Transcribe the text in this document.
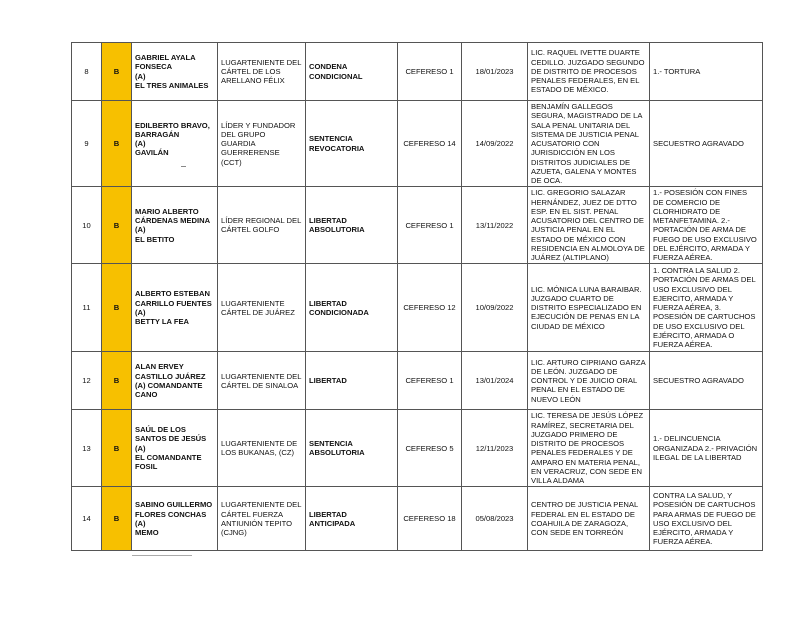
8	B	GABRIEL AYALA
FONSECA
(A)
EL TRES ANIMALES	LUGARTENIENTE DEL CÁRTEL DE LOS ARELLANO FÉLIX	CONDENA CONDICIONAL	CEFERESO 1	18/01/2023	LIC. RAQUEL IVETTE DUARTE CEDILLO. JUZGADO SEGUNDO DE DISTRITO DE PROCESOS PENALES FEDERALES, EN EL ESTADO DE MÉXICO.	1.- TORTURA
9	B	EDILBERTO BRAVO,
BARRAGÁN
(A)
GAVILÁN	LÍDER Y FUNDADOR DEL GRUPO GUARDIA GUERRERENSE (CCT)	SENTENCIA REVOCATORIA	CEFERESO 14	14/09/2022	BENJAMÍN GALLEGOS SEGURA, MAGISTRADO DE LA SALA PENAL UNITARIA DEL SISTEMA DE JUSTICIA PENAL ACUSATORIO CON JURISDICCIÓN EN LOS DISTRITOS JUDICIALES DE AZUETA, GALENA Y MONTES DE OCA.	SECUESTRO AGRAVADO
10	B	MARIO ALBERTO
CÁRDENAS MEDINA
(A)
EL BETITO	LÍDER REGIONAL DEL CÁRTEL GOLFO	LIBERTAD ABSOLUTORIA	CEFERESO 1	13/11/2022	LIC. GREGORIO SALAZAR HERNÁNDEZ, JUEZ DE DTTO ESP. EN EL SIST. PENAL ACUSATORIO DEL CENTRO DE JUSTICIA PENAL EN EL ESTADO DE MÉXICO CON RESIDENCIA EN ALMOLOYA DE JUÁREZ (ALTIPLANO)	1.- POSESIÓN CON FINES DE COMERCIO DE CLORHIDRATO DE METANFETAMINA. 2.- PORTACIÓN DE ARMA DE FUEGO DE USO EXCLUSIVO DEL EJÉRCITO, ARMADA Y FUERZA AÉREA.
11	B	ALBERTO ESTEBAN
CARRILLO FUENTES
(A)
BETTY LA FEA	LUGARTENIENTE CÁRTEL DE JUÁREZ	LIBERTAD CONDICIONADA	CEFERESO 12	10/09/2022	LIC. MÓNICA LUNA BARAIBAR. JUZGADO CUARTO DE DISTRITO ESPECIALIZADO EN EJECUCIÓN DE PENAS EN LA CIUDAD DE MÉXICO	1. CONTRA LA SALUD 2. PORTACIÓN DE ARMAS DEL USO EXCLUSIVO DEL EJERCITO, ARMADA Y FUERZA AÉREA, 3. POSESIÓN DE CARTUCHOS DE USO EXCLUSIVO DEL EJÉRCITO, ARMADA O FUERZA AÉREA.
12	B	ALAN ERVEY
CASTILLO JUÁREZ
(A) COMANDANTE
CANO	LUGARTENIENTE DEL CÁRTEL DE SINALOA	LIBERTAD	CEFERESO 1	13/01/2024	LIC. ARTURO CIPRIANO GARZA DE LEÓN. JUZGADO DE CONTROL Y DE JUICIO ORAL PENAL EN EL ESTADO DE NUEVO LEÓN	SECUESTRO AGRAVADO
13	B	SAÚL DE LOS
SANTOS DE JESÚS
(A)
EL COMANDANTE
FOSIL	LUGARTENIENTE DE LOS BUKANAS, (CZ)	SENTENCIA ABSOLUTORIA	CEFERESO 5	12/11/2023	LIC. TERESA DE JESÚS LÓPEZ RAMÍREZ, SECRETARIA DEL JUZGADO PRIMERO DE DISTRITO DE PROCESOS PENALES FEDERALES Y DE AMPARO EN MATERIA PENAL, EN VERACRUZ, CON SEDE EN VILLA ALDAMA	1.- DELINCUENCIA ORGANIZADA 2.- PRIVACIÓN ILEGAL DE LA LIBERTAD
14	B	SABINO GUILLERMO
FLORES CONCHAS
(A)
MEMO	LUGARTENIENTE DEL CÁRTEL FUERZA ANTIUNIÓN TEPITO (CJNG)	LIBERTAD ANTICIPADA	CEFERESO 18	05/08/2023	CENTRO DE JUSTICIA PENAL FEDERAL EN EL ESTADO DE COAHUILA DE ZARAGOZA, CON SEDE EN TORREÓN	CONTRA LA SALUD, Y POSESIÓN DE CARTUCHOS PARA ARMAS DE FUEGO DE USO EXCLUSIVO DEL EJÉRCITO, ARMADA Y FUERZA AÉREA.
